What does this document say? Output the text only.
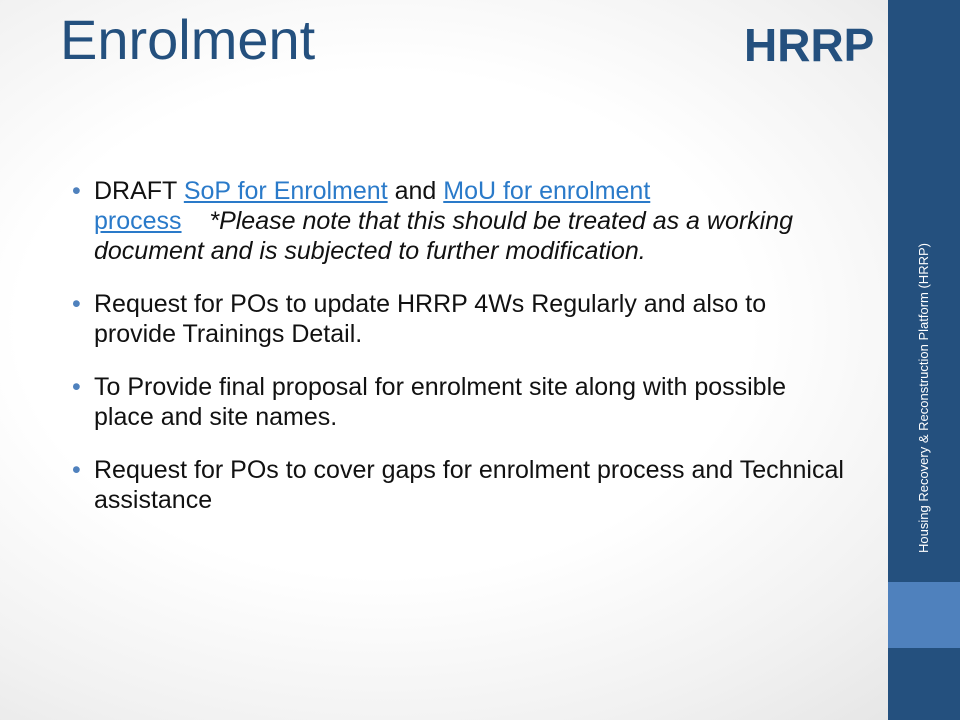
Enrolment	HRRP
• DRAFT SoP for Enrolment and MoU for enrolment process *Please note that this should be treated as a working document and is subjected to further modification.
• Request for POs to update HRRP 4Ws Regularly and also to provide Trainings Detail.
• To Provide final proposal for enrolment site along with possible place and site names.
• Request for POs to cover gaps for enrolment process and Technical assistance	Housing Recovery & Reconstruction Platform (HRRP)
